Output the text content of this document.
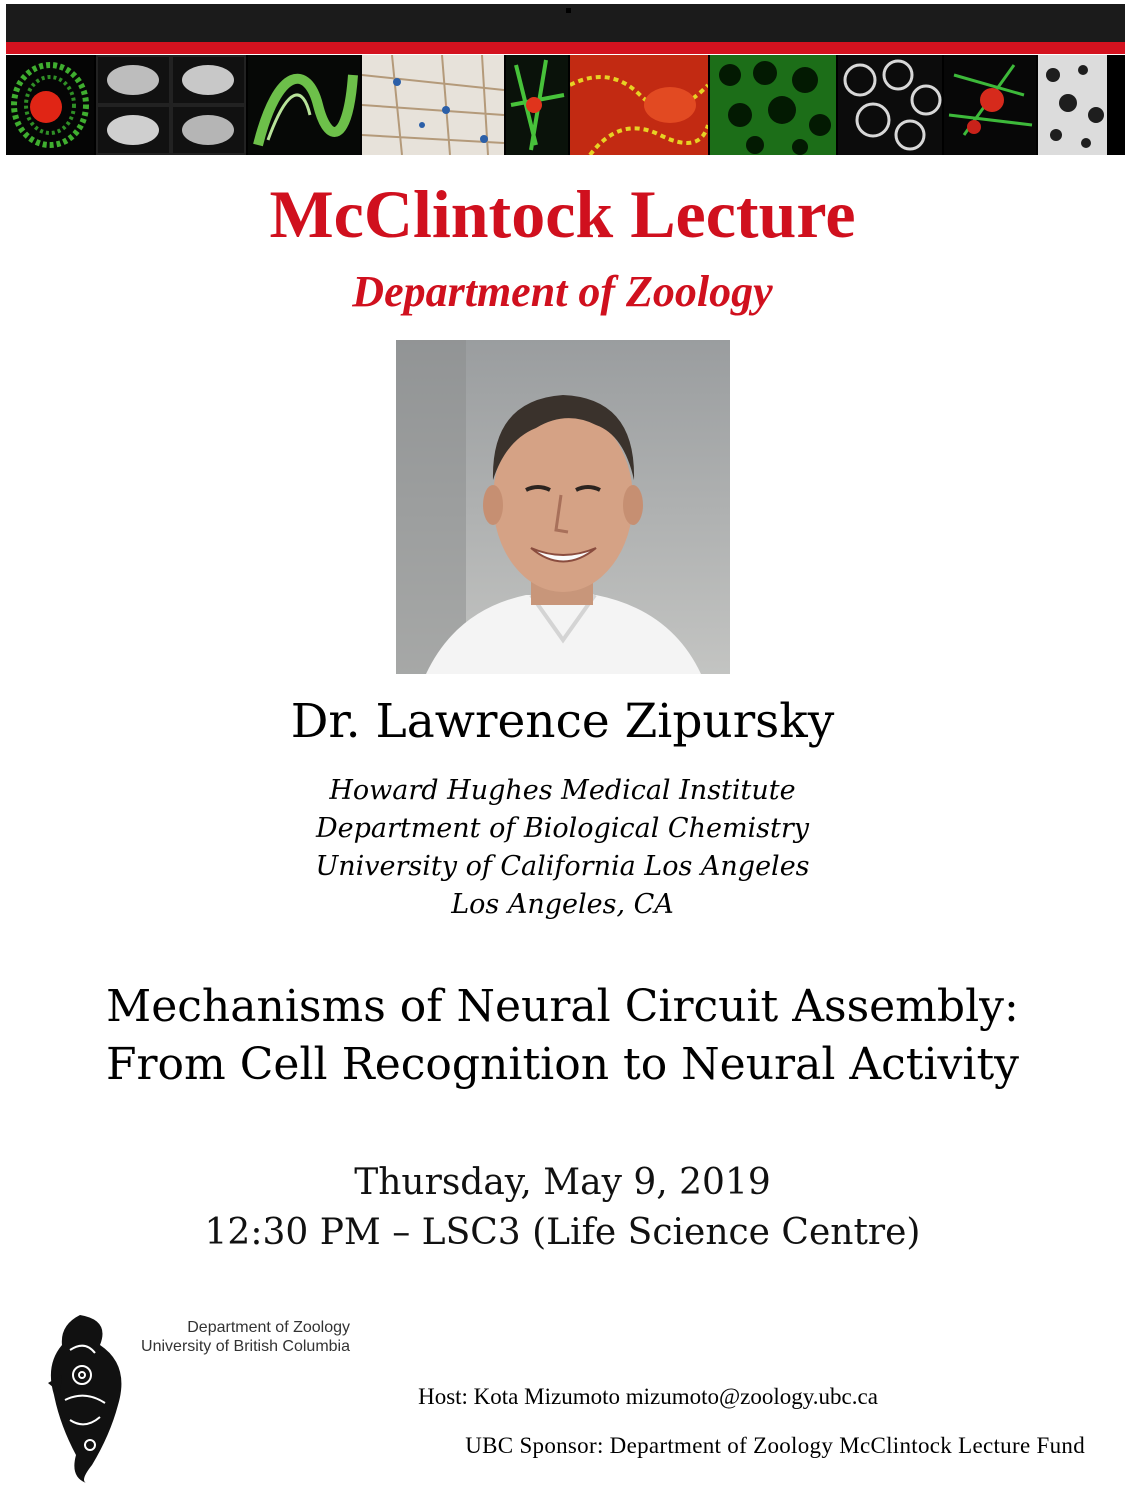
McClintock Lecture
Department of Zoology
Dr. Lawrence Zipursky
Howard Hughes Medical Institute
Department of Biological Chemistry
University of California Los Angeles
Los Angeles, CA
Mechanisms of Neural Circuit Assembly:
From Cell Recognition to Neural Activity
Thursday, May 9, 2019
12:30 PM – LSC3 (Life Science Centre)
Department of Zoology
University of British Columbia
Host: Kota Mizumoto mizumoto@zoology.ubc.ca
UBC Sponsor: Department of Zoology McClintock Lecture Fund
